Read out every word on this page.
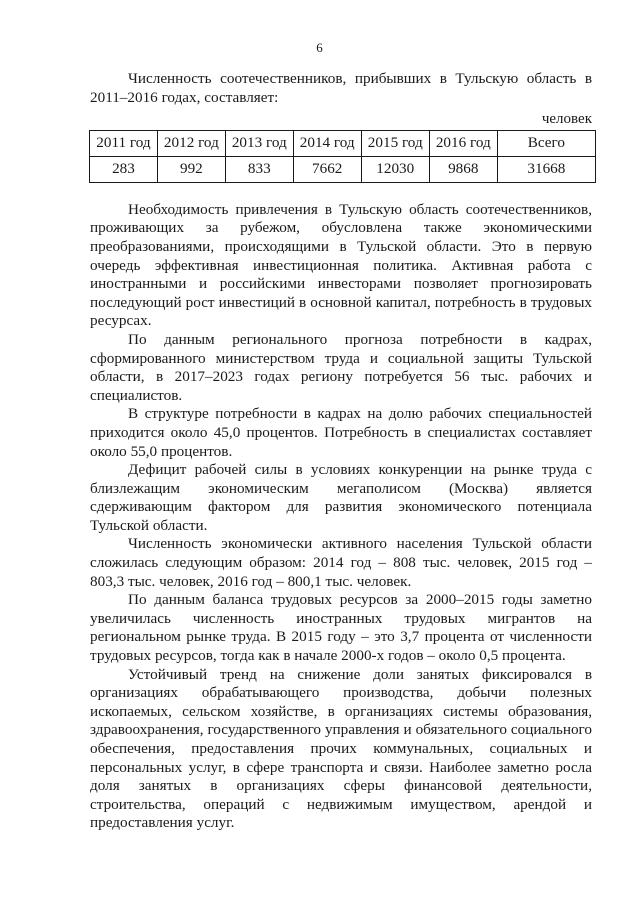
6

Численность соотечественников, прибывших в Тульскую область в 2011–2016 годах, составляет:

человек

2011 год	2012 год	2013 год	2014 год	2015 год	2016 год	Всего
283	992	833	7662	12030	9868	31668

Необходимость привлечения в Тульскую область соотечественников, проживающих за рубежом, обусловлена также экономическими преобразованиями, происходящими в Тульской области. Это в первую очередь эффективная инвестиционная политика. Активная работа с иностранными и российскими инвесторами позволяет прогнозировать последующий рост инвестиций в основной капитал, потребность в трудовых ресурсах.

По данным регионального прогноза потребности в кадрах, сформированного министерством труда и социальной защиты Тульской области, в 2017–2023 годах региону потребуется 56 тыс. рабочих и специалистов.

В структуре потребности в кадрах на долю рабочих специальностей приходится около 45,0 процентов. Потребность в специалистах составляет около 55,0 процентов.

Дефицит рабочей силы в условиях конкуренции на рынке труда с близлежащим экономическим мегаполисом (Москва) является сдерживающим фактором для развития экономического потенциала Тульской области.

Численность экономически активного населения Тульской области сложилась следующим образом: 2014 год – 808 тыс. человек, 2015 год – 803,3 тыс. человек, 2016 год – 800,1 тыс. человек.

По данным баланса трудовых ресурсов за 2000–2015 годы заметно увеличилась численность иностранных трудовых мигрантов на региональном рынке труда. В 2015 году – это 3,7 процента от численности трудовых ресурсов, тогда как в начале 2000-х годов – около 0,5 процента.

Устойчивый тренд на снижение доли занятых фиксировался в организациях обрабатывающего производства, добычи полезных ископаемых, сельском хозяйстве, в организациях системы образования, здравоохранения, государственного управления и обязательного социального обеспечения, предоставления прочих коммунальных, социальных и персональных услуг, в сфере транспорта и связи. Наиболее заметно росла доля занятых в организациях сферы финансовой деятельности, строительства, операций с недвижимым имуществом, арендой и предоставления услуг.
